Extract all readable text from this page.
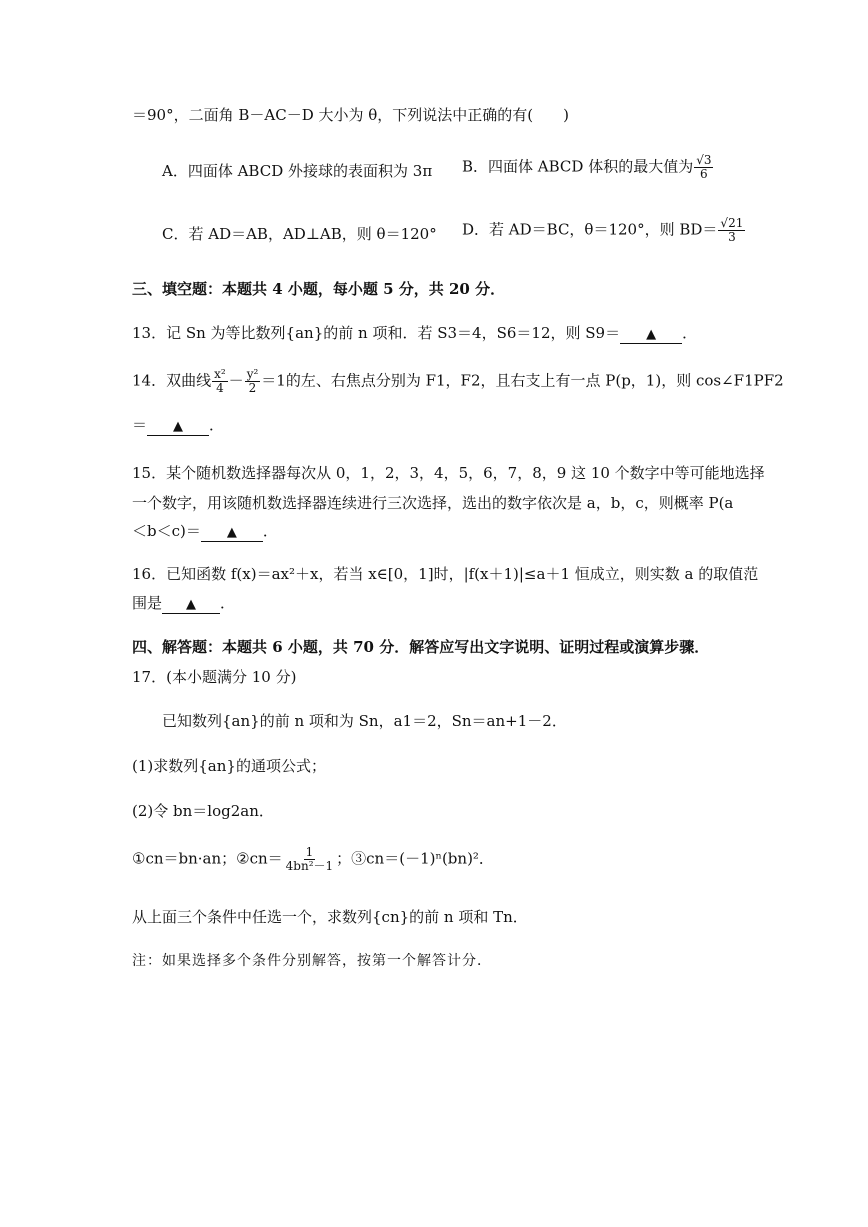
＝90°，二面角 B－AC－D 大小为 θ，下列说法中正确的有(　　)
A．四面体 ABCD 外接球的表面积为 3π B．四面体 ABCD 体积的最大值为 $\frac{√3}{6}$
C．若 AD＝AB，AD⊥AB，则 θ＝120° D．若 AD＝BC，θ＝120°，则 $BD= \frac{√21}{3}$
三、填空题：本题共 4 小题，每小题 5 分，共 20 分．
13．记 Sn 为等比数列{an}的前 n 项和．若 S3＝4，S6＝12，则 S9＝ ▲ ．
14．双曲线 $\frac{\text{x²}}{4} - \frac{\text{y²}}{2} =1$的左、右焦点分别为 F1，F2，且右支上有一点 P(p，1)，则 cos∠F1PF2
＝ ▲ ．
15．某个随机数选择器每次从 0，1，2，3，4，5，6，7，8，9 这 10 个数字中等可能地选择
一个数字，用该随机数选择器连续进行三次选择，选出的数字依次是 a，b，c，则概率 P(a
＜b＜c)＝ ▲ ．
16．已知函数 f(x)＝ax²＋x，若当 x∈[0，1]时，|f(x＋1)|≤a＋1 恒成立，则实数 a 的取值范
围是 ▲ ．
四、解答题：本题共 6 小题，共 70 分．解答应写出文字说明、证明过程或演算步骤．
17．(本小题满分 10 分)
已知数列{an}的前 n 项和为 Sn，a1＝2，Sn＝an+1－2．
(1)求数列{an}的通项公式；
(2)令 bn＝log2an．
①cn＝bn·an；②cn＝ $\frac{1}{\text{4bn²－1}}$ ；③cn＝(－1)ⁿ(bn)²．
从上面三个条件中任选一个，求数列{cn}的前 n 项和 Tn．
注：如果选择多个条件分别解答，按第一个解答计分．
